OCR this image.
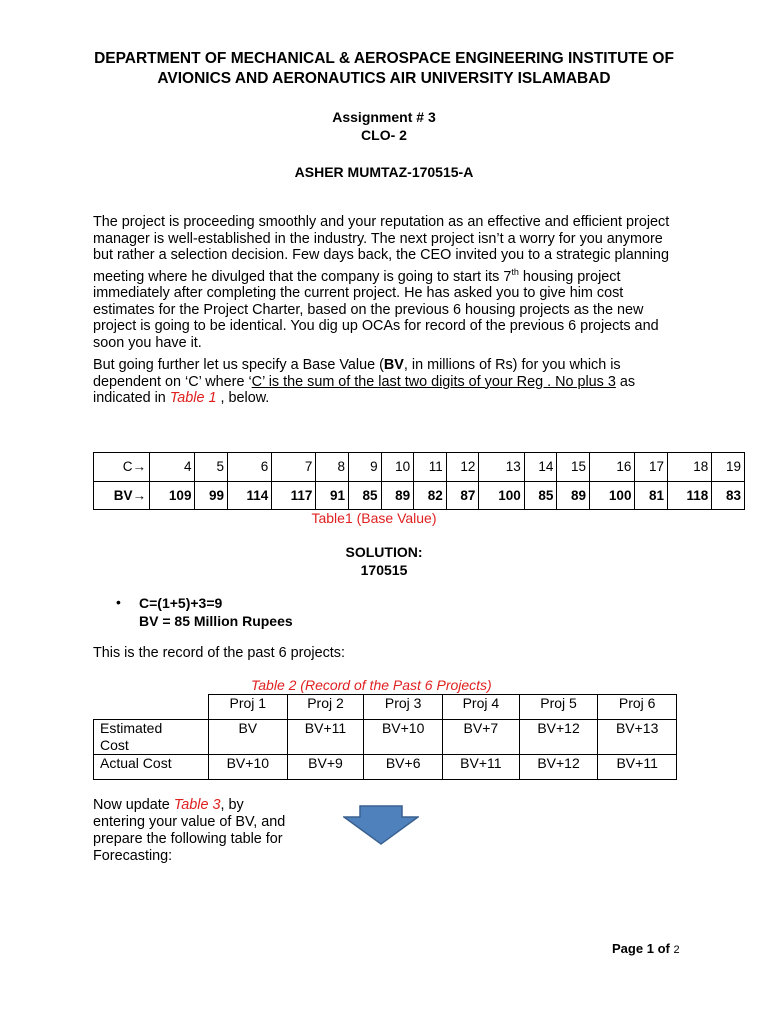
DEPARTMENT OF MECHANICAL & AEROSPACE ENGINEERING INSTITUTE OF
AVIONICS AND AERONAUTICS AIR UNIVERSITY ISLAMABAD
Assignment # 3
CLO- 2
ASHER MUMTAZ-170515-A
The project is proceeding smoothly and your reputation as an effective and efficient project manager is well-established in the industry. The next project isn’t a worry for you anymore but rather a selection decision. Few days back, the CEO invited you to a strategic planning meeting where he divulged that the company is going to start its 7th housing project immediately after completing the current project. He has asked you to give him cost estimates for the Project Charter, based on the previous 6 housing projects as the new project is going to be identical. You dig up OCAs for record of the previous 6 projects and soon you have it.
But going further let us specify a Base Value (BV, in millions of Rs) for you which is dependent on ‘C’ where ‘C’ is the sum of the last two digits of your Reg . No plus 3 as indicated in Table 1 , below.
C→	4	5	6	7	8	9	10	11	12	13	14	15	16	17	18	19
BV→	109	99	114	117	91	85	89	82	87	100	85	89	100	81	118	83
Table1 (Base Value)
SOLUTION:
170515
• C=(1+5)+3=9
BV = 85 Million Rupees
This is the record of the past 6 projects:
Table 2 (Record of the Past 6 Projects)
	Proj 1	Proj 2	Proj 3	Proj 4	Proj 5	Proj 6

Estimated
Cost	BV	BV+11	BV+10	BV+7	BV+12	BV+13
Actual Cost	BV+10	BV+9	BV+6	BV+11	BV+12	BV+11
Now update Table 3, by
entering your value of BV, and
prepare the following table for
Forecasting:
Page 1 of 2
